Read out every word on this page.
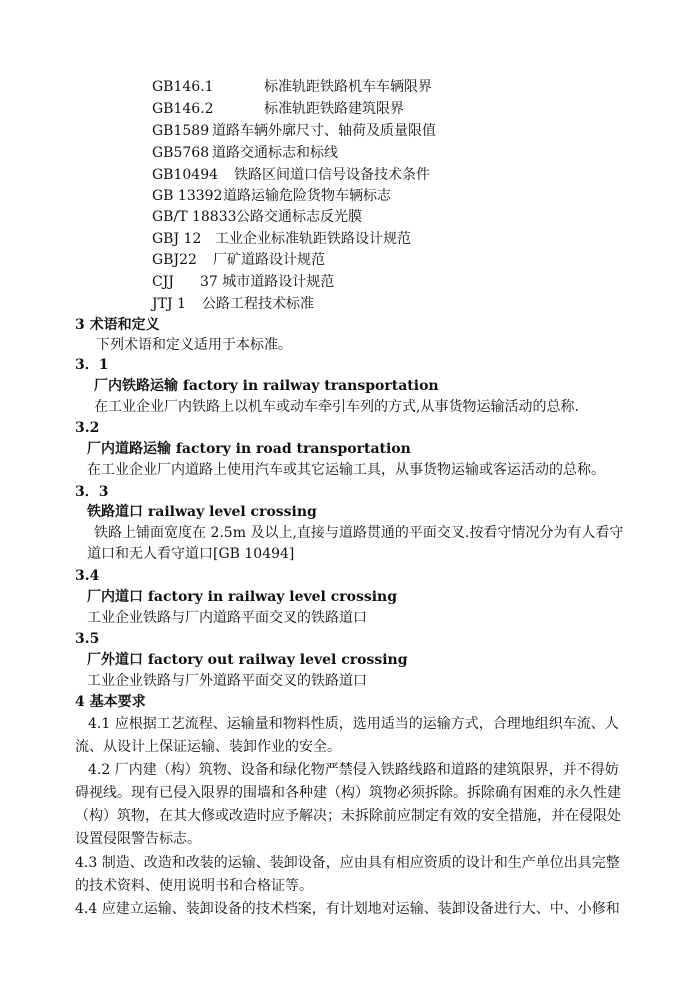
GB146.1	标准轨距铁路机车车辆限界
GB146.2	标准轨距铁路建筑限界
GB1589 道路车辆外廓尺寸、轴荷及质量限值
GB5768 道路交通标志和标线
GB10494 铁路区间道口信号设备技术条件
GB 13392道路运输危险货物车辆标志
GB/T 18833公路交通标志反光膜
GBJ 12 工业企业标准轨距铁路设计规范
GBJ22 厂矿道路设计规范
CJJ 37 城市道路设计规范
JTJ 1 公路工程技术标准
3 术语和定义
下列术语和定义适用于本标准。
3．1
厂内铁路运输 factory in railway transportation
在工业企业厂内铁路上以机车或动车牵引车列的方式,从事货物运输活动的总称.
3.2
厂内道路运输 factory in road transportation
在工业企业厂内道路上使用汽车或其它运输工具，从事货物运输或客运活动的总称。
3．3
铁路道口 railway level crossing
铁路上铺面宽度在 2.5m 及以上,直接与道路贯通的平面交叉.按看守情况分为有人看守
道口和无人看守道口[GB 10494]
3.4
厂内道口 factory in railway level crossing
工业企业铁路与厂内道路平面交叉的铁路道口
3.5
厂外道口 factory out railway level crossing
工业企业铁路与厂外道路平面交叉的铁路道口
4 基本要求
4.1 应根据工艺流程、运输量和物料性质，选用适当的运输方式，合理地组织车流、人
流、从设计上保证运输、装卸作业的安全。
4.2 厂内建（构）筑物、设备和绿化物严禁侵入铁路线路和道路的建筑限界，并不得妨
碍视线。现有已侵入限界的围墙和各种建（构）筑物必须拆除。拆除确有困难的永久性建
（构）筑物，在其大修或改造时应予解决；未拆除前应制定有效的安全措施，并在侵限处
设置侵限警告标志。
4.3 制造、改造和改装的运输、装卸设备，应由具有相应资质的设计和生产单位出具完整
的技术资料、使用说明书和合格证等。
4.4 应建立运输、装卸设备的技术档案，有计划地对运输、装卸设备进行大、中、小修和
